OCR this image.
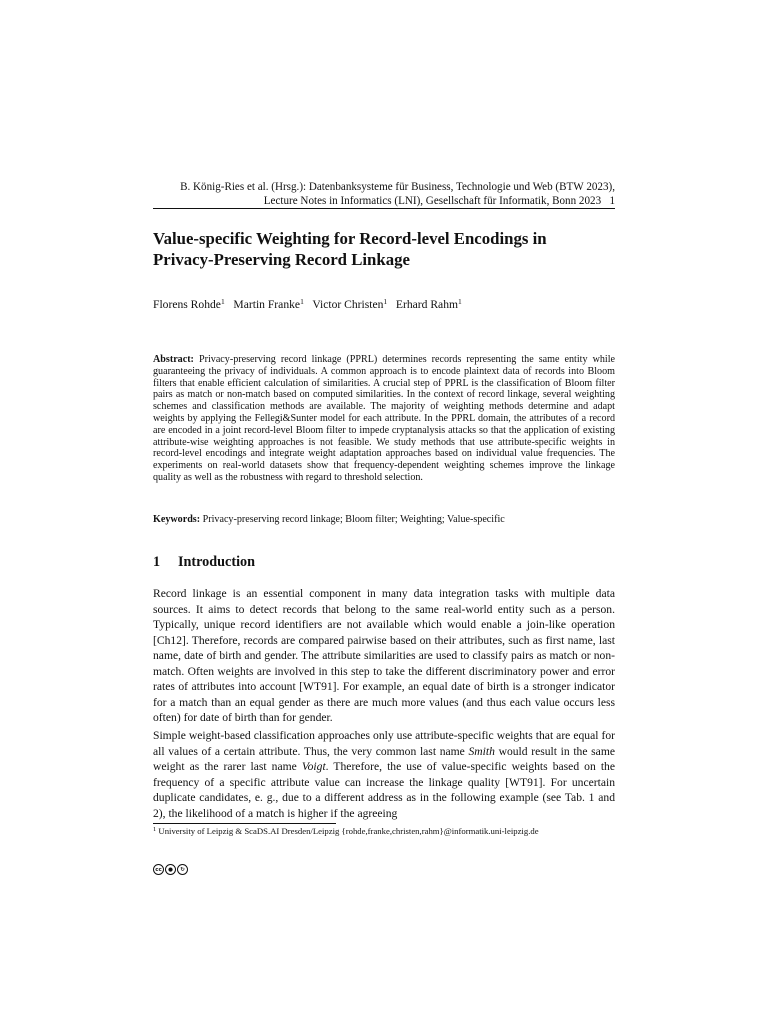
B. König-Ries et al. (Hrsg.): Datenbanksysteme für Business, Technologie und Web (BTW 2023),
Lecture Notes in Informatics (LNI), Gesellschaft für Informatik, Bonn 2023 1
Value-specific Weighting for Record-level Encodings in
Privacy-Preserving Record Linkage
Florens Rohde$^1$ Martin Franke$^1$ Victor Christen$^1$ Erhard Rahm$^1$

Abstract: Privacy-preserving record linkage (PPRL) determines records representing the same entity while guaranteeing the privacy of individuals. A common approach is to encode plaintext data of records into Bloom filters that enable efficient calculation of similarities. A crucial step of PPRL is the classification of Bloom filter pairs as match or non-match based on computed similarities. In the context of record linkage, several weighting schemes and classification methods are available. The majority of weighting methods determine and adapt weights by applying the Fellegi&Sunter model for each attribute. In the PPRL domain, the attributes of a record are encoded in a joint record-level Bloom filter to impede cryptanalysis attacks so that the application of existing attribute-wise weighting approaches is not feasible. We study methods that use attribute-specific weights in record-level encodings and integrate weight adaptation approaches based on individual value frequencies. The experiments on real-world datasets show that frequency-dependent weighting schemes improve the linkage quality as well as the robustness with regard to threshold selection.

Keywords: Privacy-preserving record linkage; Bloom filter; Weighting; Value-specific

1 Introduction

Record linkage is an essential component in many data integration tasks with multiple data sources. It aims to detect records that belong to the same real-world entity such as a person. Typically, unique record identifiers are not available which would enable a join-like operation [Ch12]. Therefore, records are compared pairwise based on their attributes, such as first name, last name, date of birth and gender. The attribute similarities are used to classify pairs as match or non-match. Often weights are involved in this step to take the different discriminatory power and error rates of attributes into account [WT91]. For example, an equal date of birth is a stronger indicator for a match than an equal gender as there are much more values (and thus each value occurs less often) for date of birth than for gender.

Simple weight-based classification approaches only use attribute-specific weights that are equal for all values of a certain attribute. Thus, the very common last name Smith would result in the same weight as the rarer last name Voigt. Therefore, the use of value-specific weights based on the frequency of a specific attribute value can increase the linkage quality [WT91]. For uncertain duplicate candidates, e. g., due to a different address as in the following example (see Tab. 1 and 2), the likelihood of a match is higher if the agreeing

$^1$ University of Leipzig & ScaDS.AI Dresden/Leipzig {rohde,franke,christen,rahm}@informatik.uni-leipzig.de
cc	●	↻
